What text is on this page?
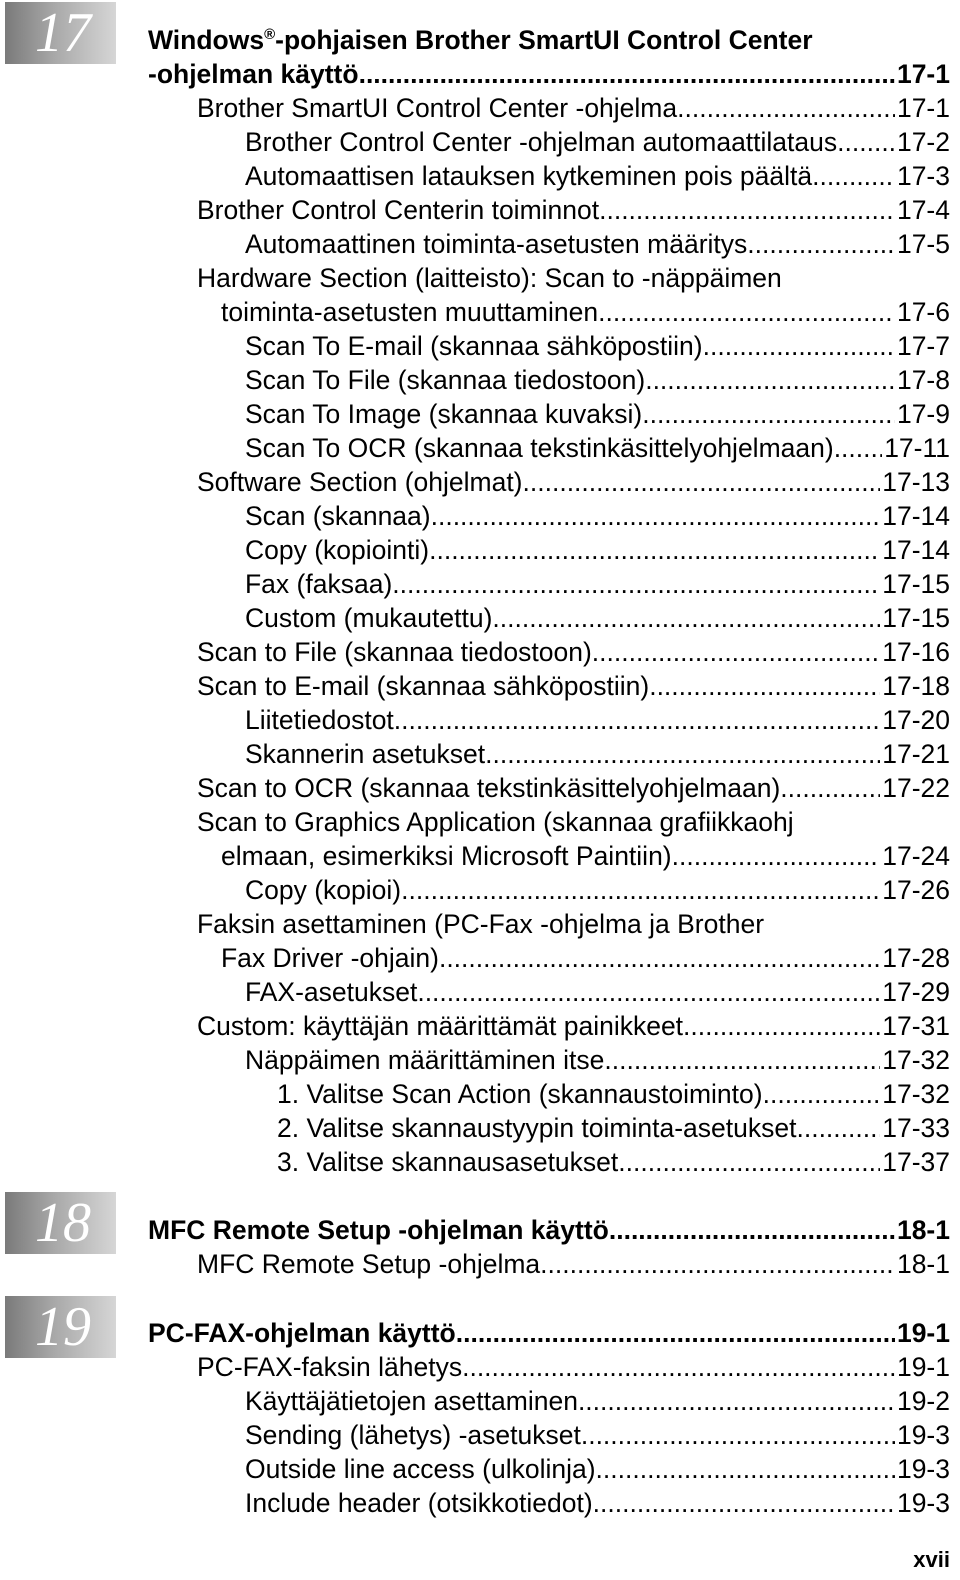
17
18
19
Windows®-pohjaisen Brother SmartUI Control Center
-ohjelman käyttö .....	17-1
Brother SmartUI Control Center -ohjelma .....	17-1
Brother Control Center -ohjelman automaattilataus ..... 17-2
Automaattisen latauksen kytkeminen pois päältä .....	17-3
Brother Control Centerin toiminnot .....	17-4
Automaattinen toiminta-asetusten määritys .....	17-5
Hardware Section (laitteisto): Scan to -näppäimen
toiminta-asetusten muuttaminen .....	17-6
Scan To E-mail (skannaa sähköpostiin) .....	17-7
Scan To File (skannaa tiedostoon) .....	17-8
Scan To Image (skannaa kuvaksi) .....	17-9
Scan To OCR (skannaa tekstinkäsittelyohjelmaan) ..... 17-11
Software Section (ohjelmat) .....	17-13
Scan (skannaa) .....	17-14
Copy (kopiointi) .....	17-14
Fax (faksaa) .....	17-15
Custom (mukautettu) .....	17-15
Scan to File (skannaa tiedostoon) .....	17-16
Scan to E-mail (skannaa sähköpostiin) .....	17-18
Liitetiedostot .....	17-20
Skannerin asetukset .....	17-21
Scan to OCR (skannaa tekstinkäsittelyohjelmaan) .....	17-22
Scan to Graphics Application (skannaa grafiikkaohj
elmaan, esimerkiksi Microsoft Paintiin) .....	17-24
Copy (kopioi) .....	17-26
Faksin asettaminen (PC-Fax -ohjelma ja Brother
Fax Driver -ohjain) .....	17-28
FAX-asetukset .....	17-29
Custom: käyttäjän määrittämät painikkeet .....	17-31
Näppäimen määrittäminen itse .....	17-32
1. Valitse Scan Action (skannaustoiminto). .....	17-32
2. Valitse skannaustyypin toiminta-asetukset. .....	17-33
3. Valitse skannausasetukset. .....	17-37
MFC Remote Setup -ohjelman käyttö .....	18-1
MFC Remote Setup -ohjelma .....	18-1
PC-FAX-ohjelman käyttö .....	19-1
PC-FAX-faksin lähetys .....	19-1
Käyttäjätietojen asettaminen .....	19-2
Sending (lähetys) -asetukset .....	19-3
Outside line access (ulkolinja) .....	19-3
Include header (otsikkotiedot) .....	19-3
xvii
